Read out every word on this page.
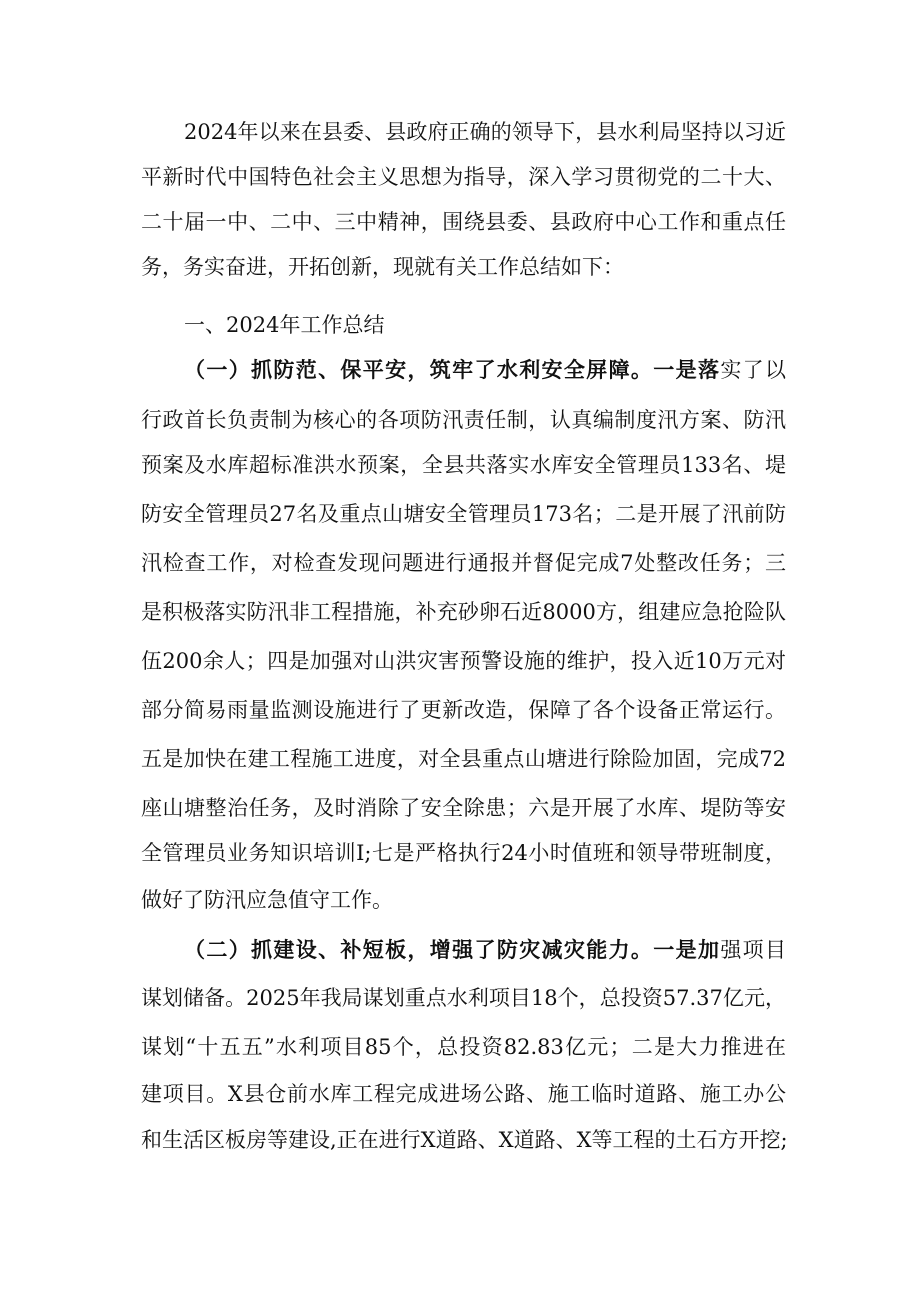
2024年以来在县委、县政府正确的领导下，县水利局坚持以习近
平新时代中国特色社会主义思想为指导，深入学习贯彻党的二十大、
二十届一中、二中、三中精神，围绕县委、县政府中心工作和重点任
务，务实奋进，开拓创新，现就有关工作总结如下：
一、2024年工作总结
（一）抓防范、保平安，筑牢了水利安全屏障。一是落实了以
行政首长负责制为核心的各项防汛责任制，认真编制度汛方案、防汛
预案及水库超标准洪水预案，全县共落实水库安全管理员133名、堤
防安全管理员27名及重点山塘安全管理员173名；二是开展了汛前防
汛检查工作，对检查发现问题进行通报并督促完成7处整改任务；三
是积极落实防汛非工程措施，补充砂卵石近8000方，组建应急抢险队
伍200余人；四是加强对山洪灾害预警设施的维护，投入近10万元对
部分简易雨量监测设施进行了更新改造，保障了各个设备正常运行。
五是加快在建工程施工进度，对全县重点山塘进行除险加固，完成72
座山塘整治任务，及时消除了安全除患；六是开展了水库、堤防等安
全管理员业务知识培训I;七是严格执行24小时值班和领导带班制度，
做好了防汛应急值守工作。
（二）抓建设、补短板，增强了防灾减灾能力。一是加强项目
谋划储备。2025年我局谋划重点水利项目18个，总投资57.37亿元，
谋划“十五五”水利项目85个，总投资82.83亿元；二是大力推进在
建项目。X县仓前水库工程完成进场公路、施工临时道路、施工办公
和生活区板房等建设,正在进行X道路、X道路、X等工程的土石方开挖;
